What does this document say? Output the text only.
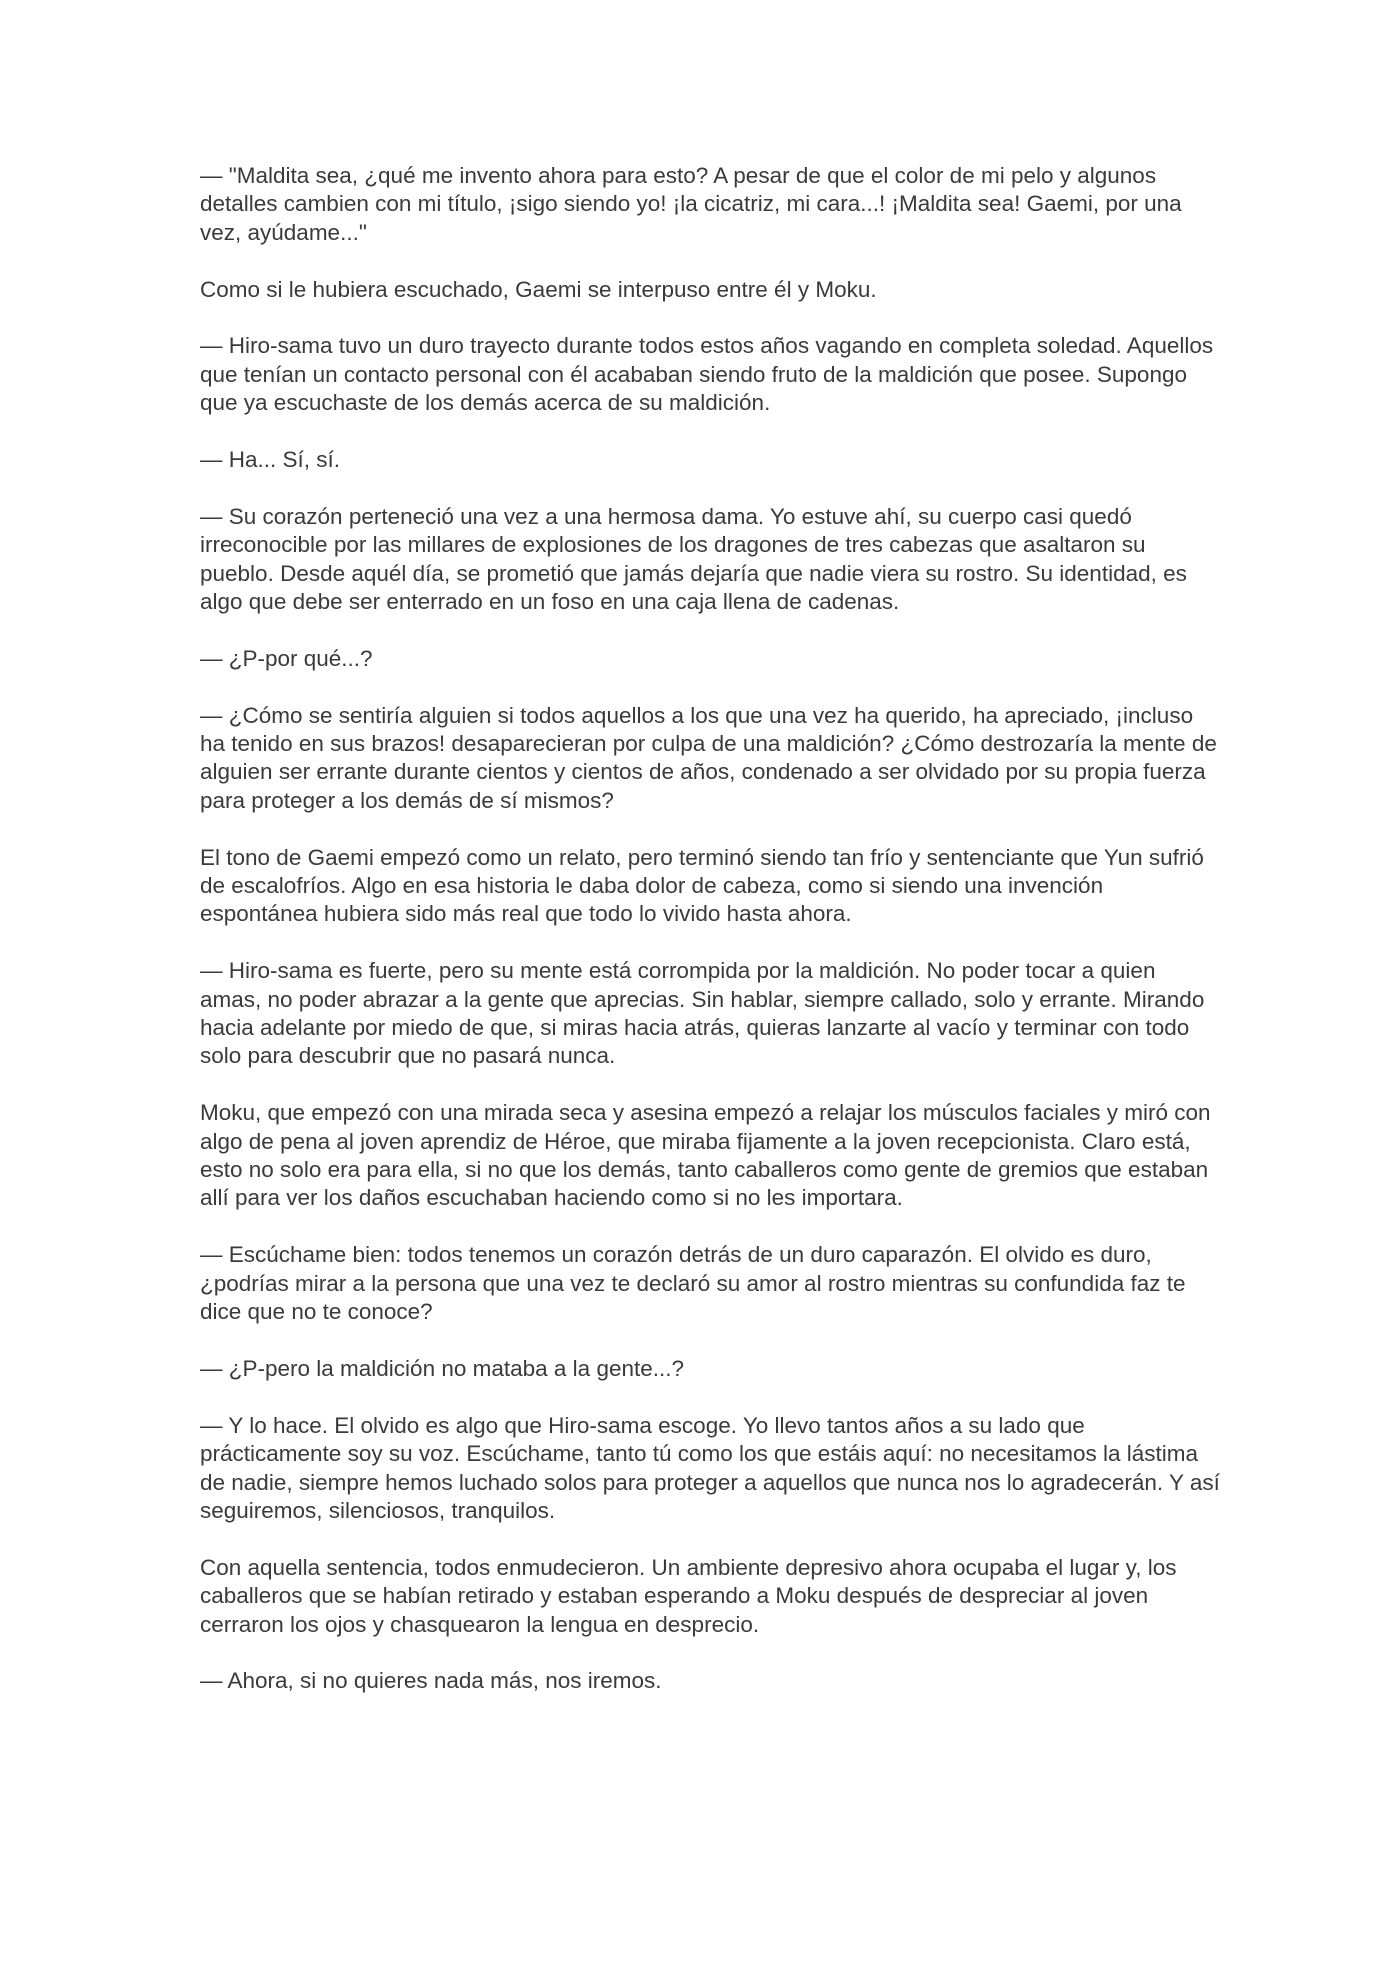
— "Maldita sea, ¿qué me invento ahora para esto? A pesar de que el color de mi pelo y algunos detalles cambien con mi título, ¡sigo siendo yo! ¡la cicatriz, mi cara...! ¡Maldita sea! Gaemi, por una vez, ayúdame..."

Como si le hubiera escuchado, Gaemi se interpuso entre él y Moku.

— Hiro-sama tuvo un duro trayecto durante todos estos años vagando en completa soledad. Aquellos que tenían un contacto personal con él acababan siendo fruto de la maldición que posee. Supongo que ya escuchaste de los demás acerca de su maldición.

— Ha... Sí, sí.

— Su corazón perteneció una vez a una hermosa dama. Yo estuve ahí, su cuerpo casi quedó irreconocible por las millares de explosiones de los dragones de tres cabezas que asaltaron su pueblo. Desde aquél día, se prometió que jamás dejaría que nadie viera su rostro. Su identidad, es algo que debe ser enterrado en un foso en una caja llena de cadenas.

— ¿P-por qué...?

— ¿Cómo se sentiría alguien si todos aquellos a los que una vez ha querido, ha apreciado, ¡incluso ha tenido en sus brazos! desaparecieran por culpa de una maldición? ¿Cómo destrozaría la mente de alguien ser errante durante cientos y cientos de años, condenado a ser olvidado por su propia fuerza para proteger a los demás de sí mismos?

El tono de Gaemi empezó como un relato, pero terminó siendo tan frío y sentenciante que Yun sufrió de escalofríos. Algo en esa historia le daba dolor de cabeza, como si siendo una invención espontánea hubiera sido más real que todo lo vivido hasta ahora.

— Hiro-sama es fuerte, pero su mente está corrompida por la maldición. No poder tocar a quien amas, no poder abrazar a la gente que aprecias. Sin hablar, siempre callado, solo y errante. Mirando hacia adelante por miedo de que, si miras hacia atrás, quieras lanzarte al vacío y terminar con todo solo para descubrir que no pasará nunca.

Moku, que empezó con una mirada seca y asesina empezó a relajar los músculos faciales y miró con algo de pena al joven aprendiz de Héroe, que miraba fijamente a la joven recepcionista. Claro está, esto no solo era para ella, si no que los demás, tanto caballeros como gente de gremios que estaban allí para ver los daños escuchaban haciendo como si no les importara.

— Escúchame bien: todos tenemos un corazón detrás de un duro caparazón. El olvido es duro, ¿podrías mirar a la persona que una vez te declaró su amor al rostro mientras su confundida faz te dice que no te conoce?

— ¿P-pero la maldición no mataba a la gente...?

— Y lo hace. El olvido es algo que Hiro-sama escoge. Yo llevo tantos años a su lado que prácticamente soy su voz. Escúchame, tanto tú como los que estáis aquí: no necesitamos la lástima de nadie, siempre hemos luchado solos para proteger a aquellos que nunca nos lo agradecerán. Y así seguiremos, silenciosos, tranquilos.

Con aquella sentencia, todos enmudecieron. Un ambiente depresivo ahora ocupaba el lugar y, los caballeros que se habían retirado y estaban esperando a Moku después de despreciar al joven cerraron los ojos y chasquearon la lengua en desprecio.

— Ahora, si no quieres nada más, nos iremos.
